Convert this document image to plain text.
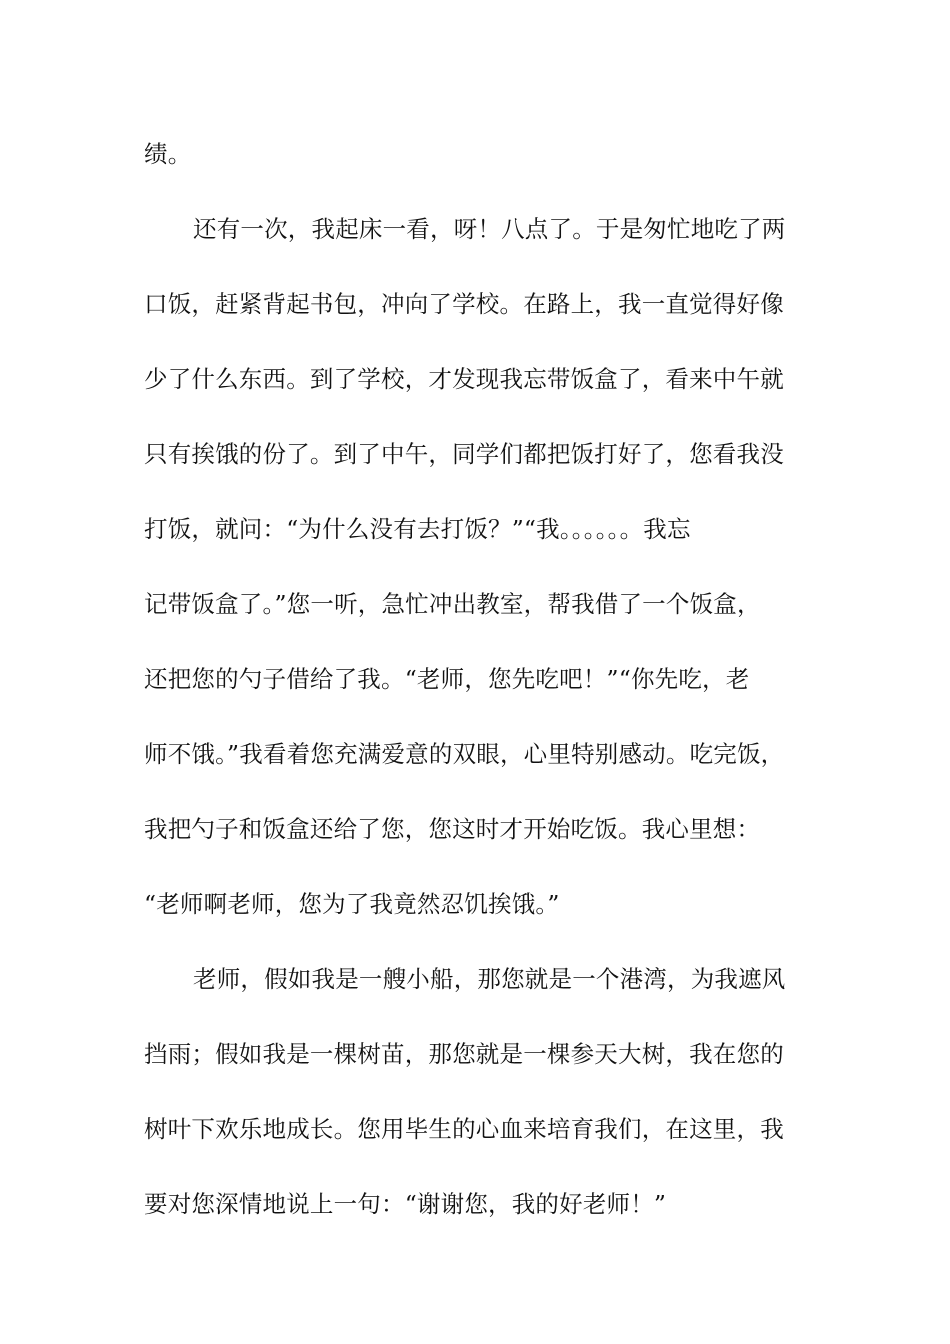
绩。
还有一次，我起床一看，呀！八点了。于是匆忙地吃了两
口饭，赶紧背起书包，冲向了学校。在路上，我一直觉得好像
少了什么东西。到了学校，才发现我忘带饭盒了，看来中午就
只有挨饿的份了。到了中午，同学们都把饭打好了，您看我没
打饭，就问：“为什么没有去打饭？”“我。。。。。。我忘
记带饭盒了。”您一听，急忙冲出教室，帮我借了一个饭盒，
还把您的勺子借给了我。“老师，您先吃吧！”“你先吃，老
师不饿。”我看着您充满爱意的双眼，心里特别感动。吃完饭，
我把勺子和饭盒还给了您，您这时才开始吃饭。我心里想：
“老师啊老师，您为了我竟然忍饥挨饿。”
老师，假如我是一艘小船，那您就是一个港湾，为我遮风
挡雨；假如我是一棵树苗，那您就是一棵参天大树，我在您的
树叶下欢乐地成长。您用毕生的心血来培育我们，在这里，我
要对您深情地说上一句：“谢谢您，我的好老师！”
